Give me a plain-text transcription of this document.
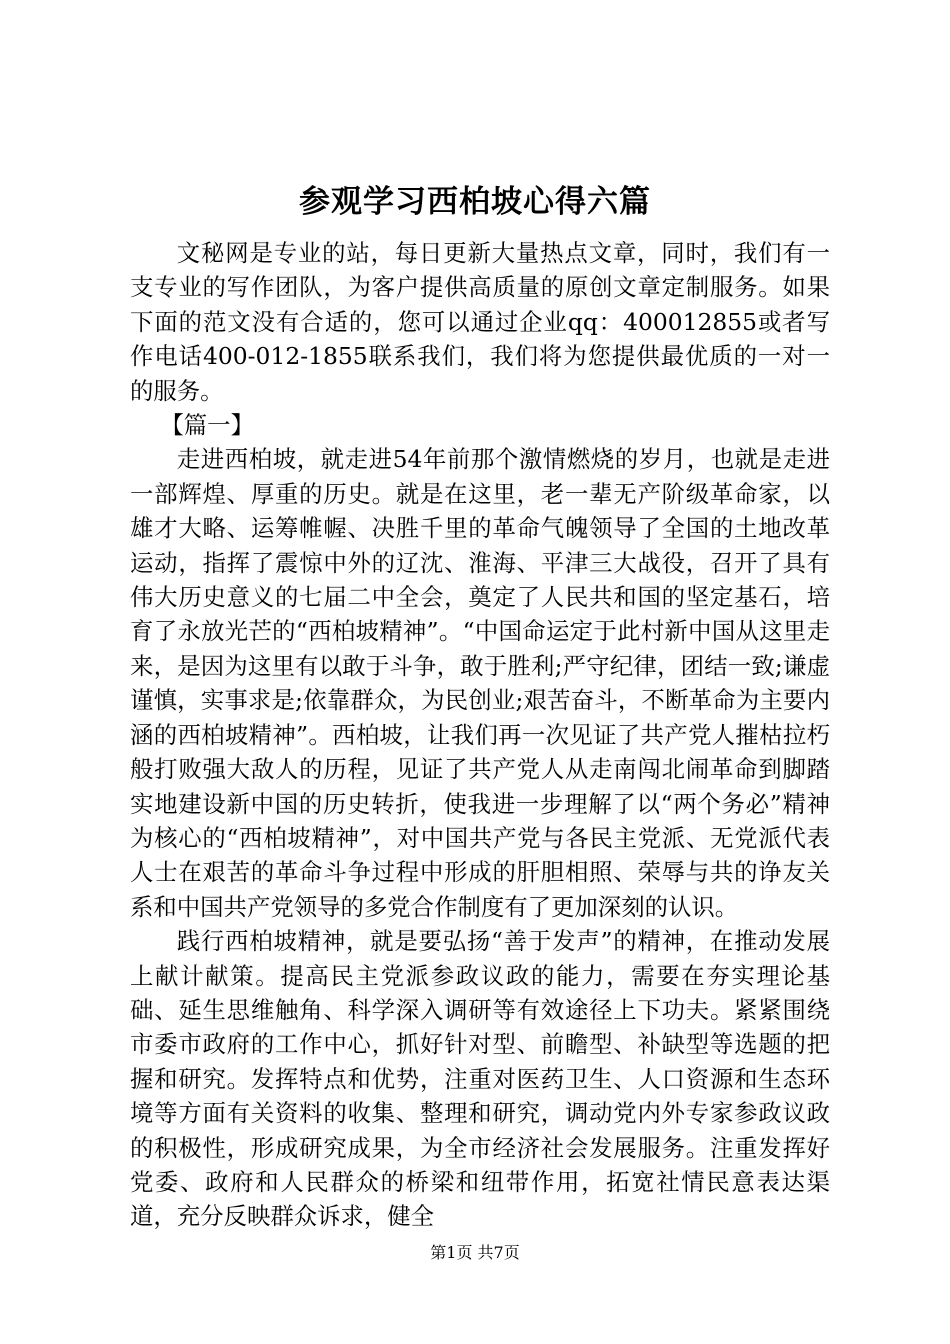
参观学习西柏坡心得六篇

文秘网是专业的站，每日更新大量热点文章，同时，我们有一支专业的写作团队，为客户提供高质量的原创文章定制服务。如果下面的范文没有合适的，您可以通过企业qq：400012855或者写作电话400-012-1855联系我们，我们将为您提供最优质的一对一的服务。

【篇一】

走进西柏坡，就走进54年前那个激情燃烧的岁月，也就是走进一部辉煌、厚重的历史。就是在这里，老一辈无产阶级革命家，以雄才大略、运筹帷幄、决胜千里的革命气魄领导了全国的土地改革运动，指挥了震惊中外的辽沈、淮海、平津三大战役，召开了具有伟大历史意义的七届二中全会，奠定了人民共和国的坚定基石，培育了永放光芒的“西柏坡精神”。“中国命运定于此村新中国从这里走来，是因为这里有以敢于斗争，敢于胜利;严守纪律，团结一致;谦虚谨慎，实事求是;依靠群众，为民创业;艰苦奋斗，不断革命为主要内涵的西柏坡精神”。西柏坡，让我们再一次见证了共产党人摧枯拉朽般打败强大敌人的历程，见证了共产党人从走南闯北闹革命到脚踏实地建设新中国的历史转折，使我进一步理解了以“两个务必”精神为核心的“西柏坡精神”，对中国共产党与各民主党派、无党派代表人士在艰苦的革命斗争过程中形成的肝胆相照、荣辱与共的诤友关系和中国共产党领导的多党合作制度有了更加深刻的认识。

践行西柏坡精神，就是要弘扬“善于发声”的精神，在推动发展上献计献策。提高民主党派参政议政的能力，需要在夯实理论基础、延生思维触角、科学深入调研等有效途径上下功夫。紧紧围绕市委市政府的工作中心，抓好针对型、前瞻型、补缺型等选题的把握和研究。发挥特点和优势，注重对医药卫生、人口资源和生态环境等方面有关资料的收集、整理和研究，调动党内外专家参政议政的积极性，形成研究成果，为全市经济社会发展服务。注重发挥好党委、政府和人民群众的桥梁和纽带作用，拓宽社情民意表达渠道，充分反映群众诉求，健全

第1页 共7页
